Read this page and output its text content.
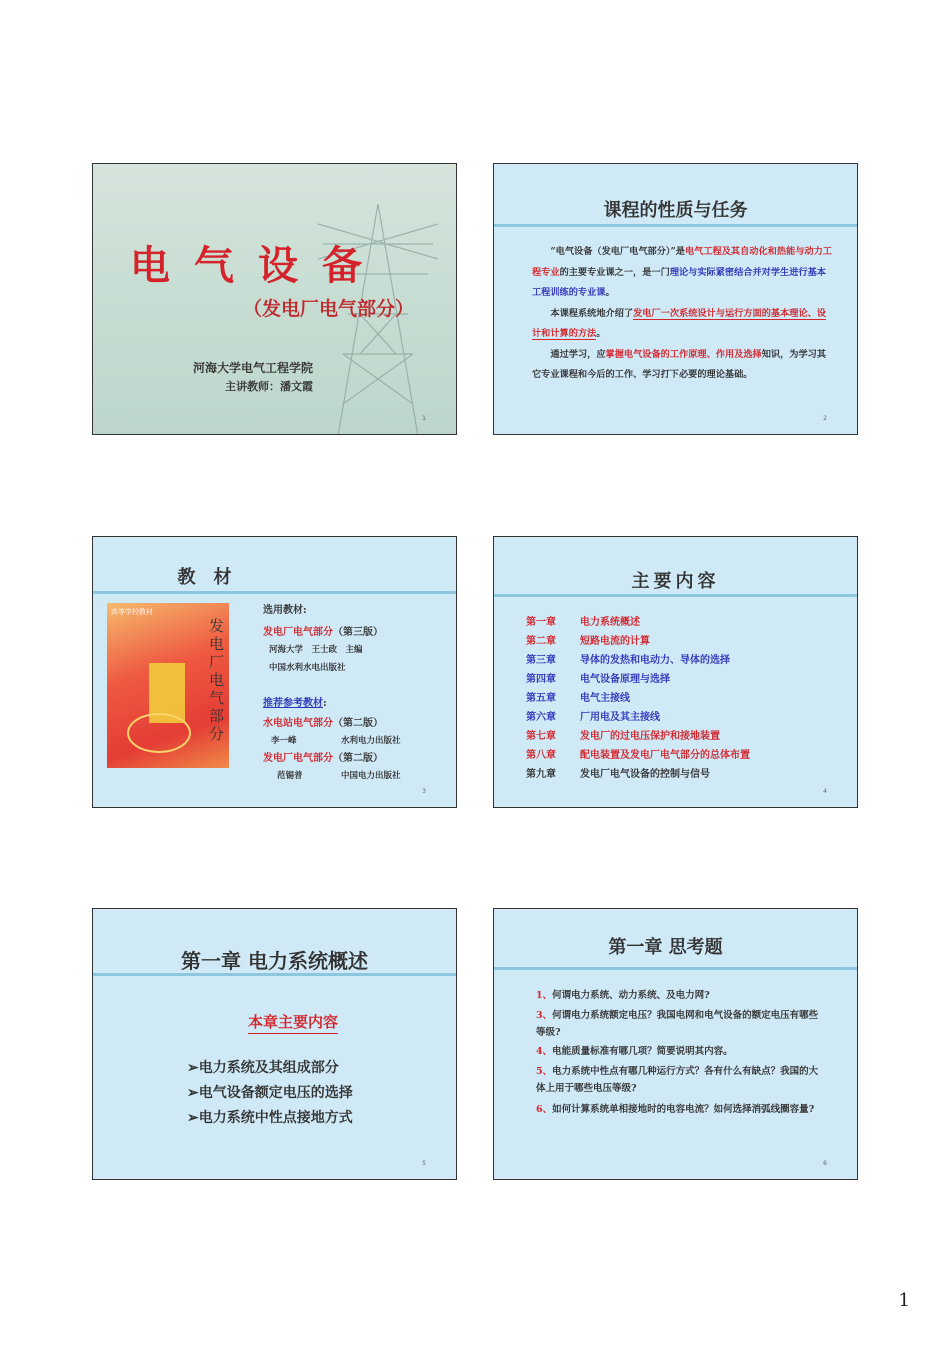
电气设备
（发电厂电气部分）
河海大学电气工程学院
主讲教师：潘文霞
1
课程的性质与任务

“电气设备（发电厂电气部分）”是电气工程及其自动化和热能与动力工程专业的主要专业课之一，是一门理论与实际紧密结合并对学生进行基本工程训练的专业课。

本课程系统地介绍了发电厂一次系统设计与运行方面的基本理论、设计和计算的方法。

通过学习，应掌握电气设备的工作原理、作用及选择知识，为学习其它专业课程和今后的工作、学习打下必要的理论基础。

2
教　材
高等学校教材
发电厂电气部分
选用教材:
发电厂电气部分（第三版）
河海大学　王士政　主编
中国水利水电出版社
推荐参考教材:
水电站电气部分（第二版）
李一峰	水利电力出版社
发电厂电气部分（第二版）
范锡普	中国电力出版社
3
主要内容
第一章 电力系统概述
第二章 短路电流的计算
第三章 导体的发热和电动力、导体的选择
第四章 电气设备原理与选择
第五章 电气主接线
第六章 厂用电及其主接线
第七章 发电厂的过电压保护和接地装置
第八章 配电装置及发电厂电气部分的总体布置
第九章 发电厂电气设备的控制与信号
4
第一章 电力系统概述
本章主要内容
➢电力系统及其组成部分
➢电气设备额定电压的选择
➢电力系统中性点接地方式
5
第一章 思考题
1、何谓电力系统、动力系统、及电力网?
3、何谓电力系统额定电压？我国电网和电气设备的额定电压有哪些等级?
4、电能质量标准有哪几项？简要说明其内容。
5、电力系统中性点有哪几种运行方式？各有什么有缺点？我国的大体上用于哪些电压等级?
6、如何计算系统单相接地时的电容电流？如何选择消弧线圈容量?
6
1
